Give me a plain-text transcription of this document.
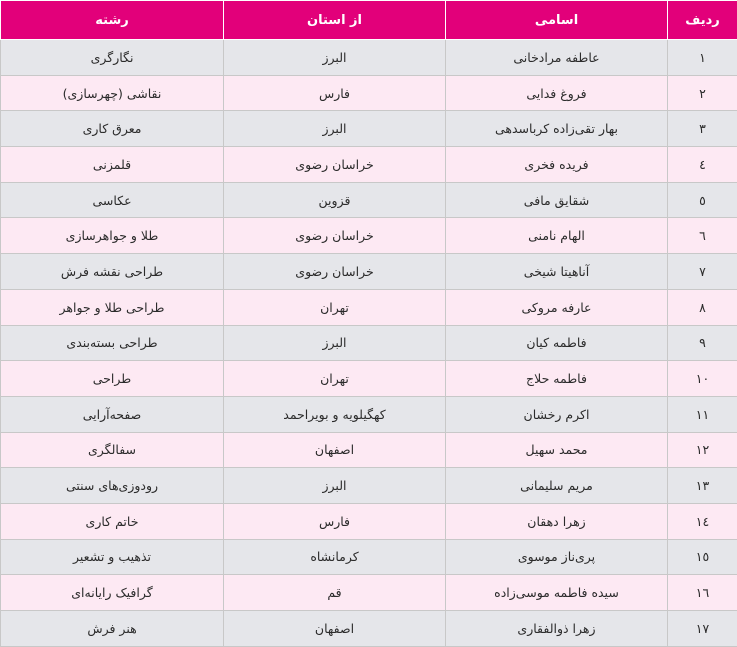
ردیف	اسامی	از استان	رشته
۱	عاطفه مرادخانی	البرز	نگارگری
۲	فروغ فدایی	فارس	نقاشی (چهرسازی)
۳	بهار تقی‌زاده کرباسدهی	البرز	معرق کاری
٤	فریده فخری	خراسان رضوی	قلمزنی
٥	شقایق مافی	قزوین	عکاسی
٦	الهام نامنی	خراسان رضوی	طلا و جواهرسازی
۷	آناهیتا شیخی	خراسان رضوی	طراحی نقشه فرش
۸	عارفه مروکی	تهران	طراحی طلا و جواهر
۹	فاطمه کیان	البرز	طراحی بسته‌بندی
۱۰	فاطمه حلاج	تهران	طراحی
۱۱	اکرم رخشان	کهگیلویه و بویراحمد	صفحه‌آرایی
۱۲	محمد سهیل	اصفهان	سفالگری
۱۳	مریم سلیمانی	البرز	رودوزی‌های سنتی
۱٤	زهرا دهقان	فارس	خاتم کاری
۱٥	پری‌ناز موسوی	کرمانشاه	تذهیب و تشعیر
۱٦	سیده فاطمه موسی‌زاده	قم	گرافیک رایانه‌ای
۱۷	زهرا ذوالفقاری	اصفهان	هنر فرش
